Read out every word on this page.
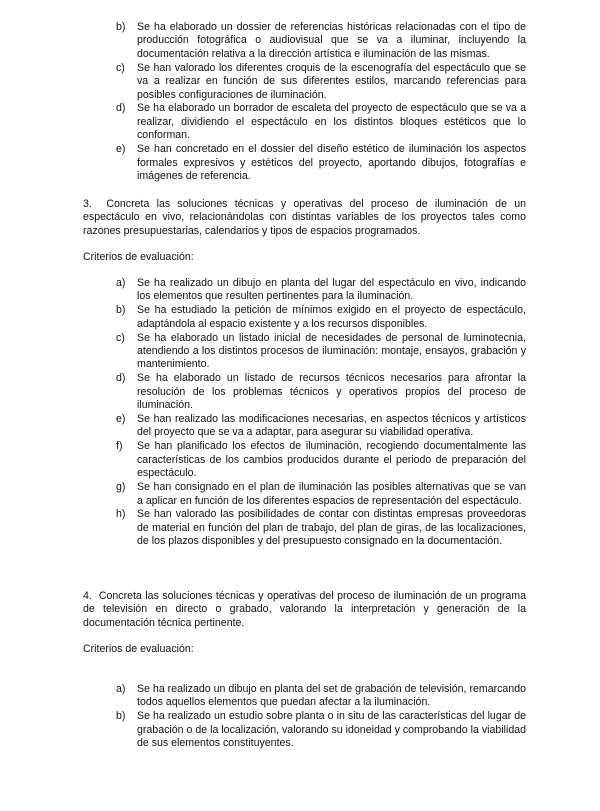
b) Se ha elaborado un dossier de referencias históricas relacionadas con el tipo de producción fotográfica o audiovisual que se va a iluminar, incluyendo la documentación relativa a la dirección artística e iluminación de las mismas.
c) Se han valorado los diferentes croquis de la escenografía del espectáculo que se va a realizar en función de sus diferentes estilos, marcando referencias para posibles configuraciones de iluminación.
d) Se ha elaborado un borrador de escaleta del proyecto de espectáculo que se va a realizar, dividiendo el espectáculo en los distintos bloques estéticos que lo conforman.
e) Se han concretado en el dossier del diseño estético de iluminación los aspectos formales expresivos y estéticos del proyecto, aportando dibujos, fotografías e imágenes de referencia.

3.  Concreta las soluciones técnicas y operativas del proceso de iluminación de un espectáculo en vivo, relacionándolas con distintas variables de los proyectos tales como razones presupuestarias, calendarios y tipos de espacios programados.

Criterios de evaluación:

a) Se ha realizado un dibujo en planta del lugar del espectáculo en vivo, indicando los elementos que resulten pertinentes para la iluminación.
b) Se ha estudiado la petición de mínimos exigido en el proyecto de espectáculo, adaptándola al espacio existente y a los recursos disponibles.
c) Se ha elaborado un listado inicial de necesidades de personal de luminotecnia, atendiendo a los distintos procesos de iluminación: montaje, ensayos, grabación y mantenimiento.
d) Se ha elaborado un listado de recursos técnicos necesarios para afrontar la resolución de los problemas técnicos y operativos propios del proceso de iluminación.
e) Se han realizado las modificaciones necesarias, en aspectos técnicos y artísticos del proyecto que se va a adaptar, para asegurar su viabilidad operativa.
f) Se han planificado los efectos de iluminación, recogiendo documentalmente las características de los cambios producidos durante el periodo de preparación del espectáculo.
g) Se han consignado en el plan de iluminación las posibles alternativas que se van a aplicar en función de los diferentes espacios de representación del espectáculo.
h) Se han valorado las posibilidades de contar con distintas empresas proveedoras de material en función del plan de trabajo, del plan de giras, de las localizaciones, de los plazos disponibles y del presupuesto consignado en la documentación.

4.  Concreta las soluciones técnicas y operativas del proceso de iluminación de un programa de televisión en directo o grabado, valorando la interpretación y generación de la documentación técnica pertinente.

Criterios de evaluación:

a) Se ha realizado un dibujo en planta del set de grabación de televisión, remarcando todos aquellos elementos que puedan afectar a la iluminación.
b) Se ha realizado un estudio sobre planta o in situ de las características del lugar de grabación o de la localización, valorando su idoneidad y comprobando la viabilidad de sus elementos constituyentes.
